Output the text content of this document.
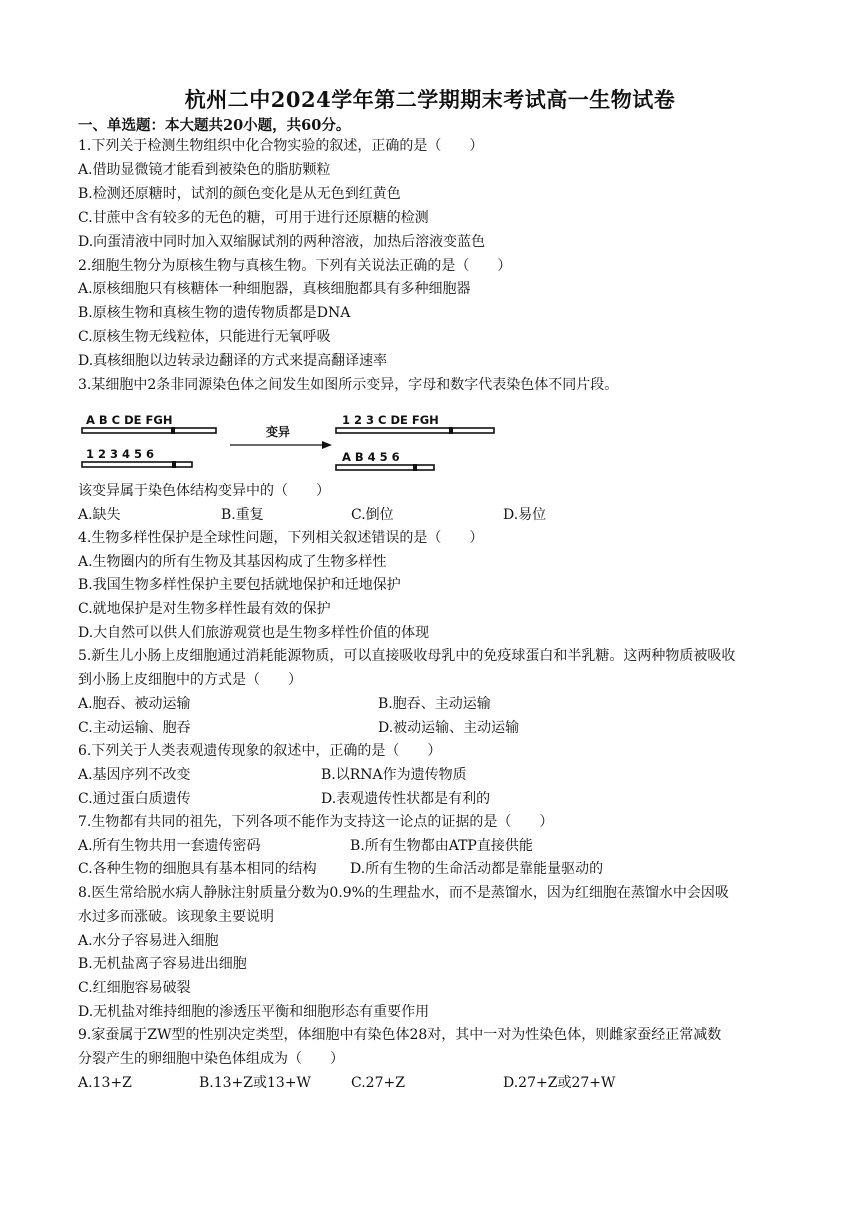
杭州二中2024学年第二学期期末考试高一生物试卷
一、单选题：本大题共20小题，共60分。
1.下列关于检测生物组织中化合物实验的叙述，正确的是（　　）
A.借助显微镜才能看到被染色的脂肪颗粒
B.检测还原糖时，试剂的颜色变化是从无色到红黄色
C.甘蔗中含有较多的无色的糖，可用于进行还原糖的检测
D.向蛋清液中同时加入双缩脲试剂的两种溶液，加热后溶液变蓝色
2.细胞生物分为原核生物与真核生物。下列有关说法正确的是（　　）
A.原核细胞只有核糖体一种细胞器，真核细胞都具有多种细胞器
B.原核生物和真核生物的遗传物质都是DNA
C.原核生物无线粒体，只能进行无氧呼吸
D.真核细胞以边转录边翻译的方式来提高翻译速率
3.某细胞中2条非同源染色体之间发生如图所示变异，字母和数字代表染色体不同片段。
A B C DE FGH
1 2 3 4 5 6
变异
1 2 3 C DE FGH
A B 4 5 6
该变异属于染色体结构变异中的（　　）
A.缺失	B.重复	C.倒位	D.易位
4.生物多样性保护是全球性问题，下列相关叙述错误的是（　　）
A.生物圈内的所有生物及其基因构成了生物多样性
B.我国生物多样性保护主要包括就地保护和迁地保护
C.就地保护是对生物多样性最有效的保护
D.大自然可以供人们旅游观赏也是生物多样性价值的体现
5.新生儿小肠上皮细胞通过消耗能源物质，可以直接吸收母乳中的免疫球蛋白和半乳糖。这两种物质被吸收
到小肠上皮细胞中的方式是（　　）
A.胞吞、被动运输	B.胞吞、主动运输
C.主动运输、胞吞	D.被动运输、主动运输
6.下列关于人类表观遗传现象的叙述中，正确的是（　　）
A.基因序列不改变	B.以RNA作为遗传物质
C.通过蛋白质遗传	D.表观遗传性状都是有利的
7.生物都有共同的祖先，下列各项不能作为支持这一论点的证据的是（　　）
A.所有生物共用一套遗传密码	B.所有生物都由ATP直接供能
C.各种生物的细胞具有基本相同的结构 D.所有生物的生命活动都是靠能量驱动的
8.医生常给脱水病人静脉注射质量分数为0.9%的生理盐水，而不是蒸馏水，因为红细胞在蒸馏水中会因吸
水过多而涨破。该现象主要说明
A.水分子容易进入细胞
B.无机盐离子容易进出细胞
C.红细胞容易破裂
D.无机盐对维持细胞的渗透压平衡和细胞形态有重要作用
9.家蚕属于ZW型的性别决定类型，体细胞中有染色体28对，其中一对为性染色体，则雌家蚕经正常减数
分裂产生的卵细胞中染色体组成为（　　）
A.13+Z	B.13+Z或13+W	C.27+Z	D.27+Z或27+W
